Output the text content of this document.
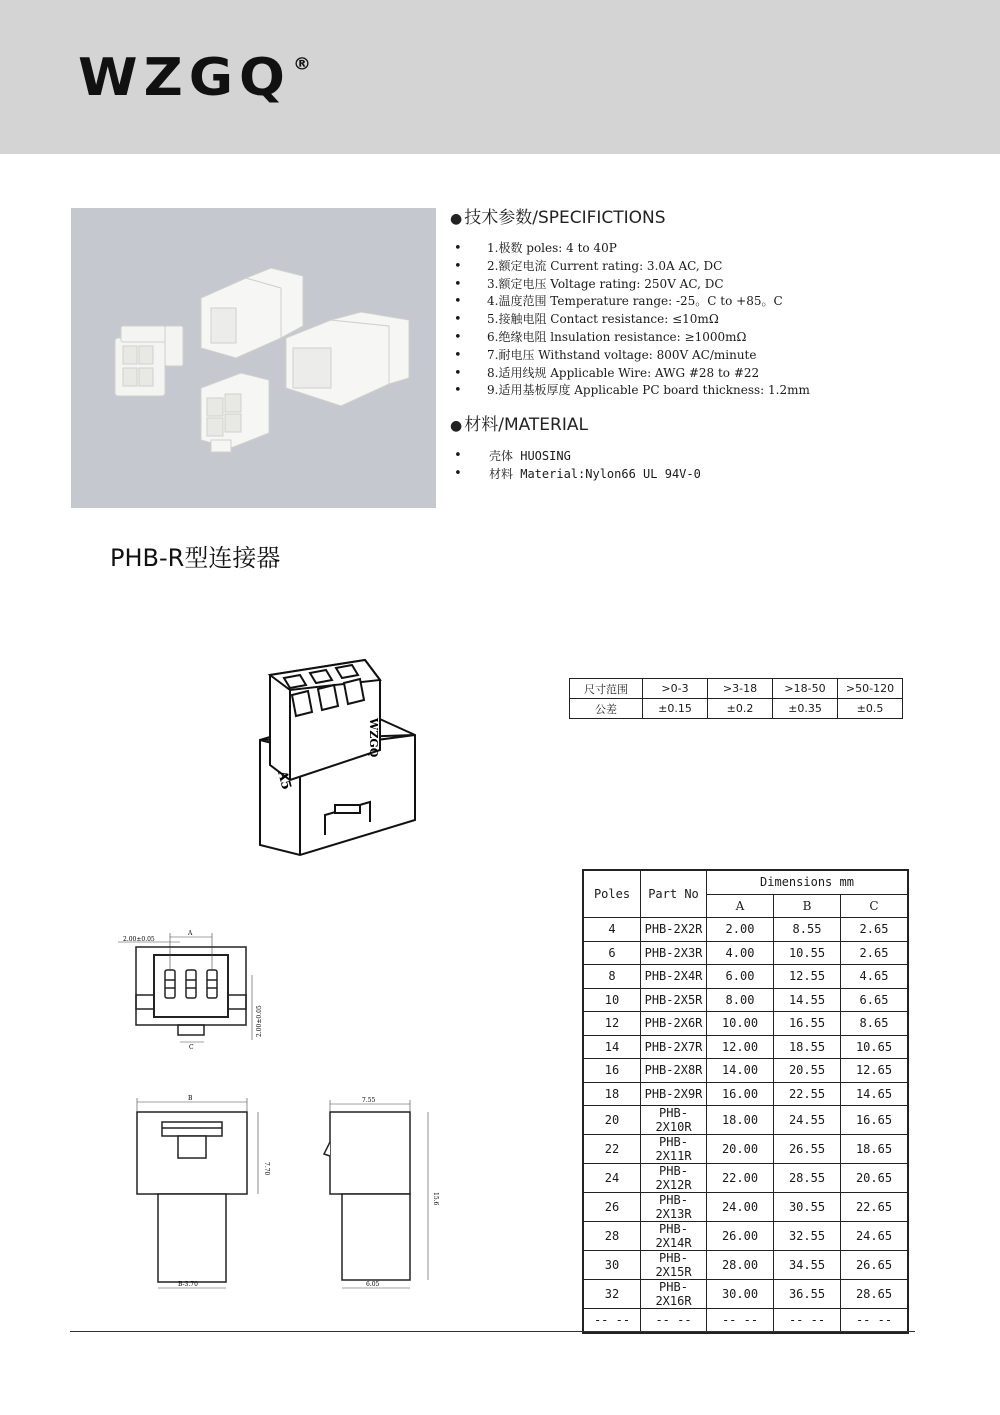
WZGQ ®
● 技术参数/SPECIFICTIONS
• 1.极数 poles: 4 to 40P
• 2.额定电流 Current rating: 3.0A AC, DC
• 3.额定电压 Voltage rating: 250V AC, DC
• 4.温度范围 Temperature range: -25。C to +85。C
• 5.接触电阻 Contact resistance: ≤10mΩ
• 6.绝缘电阻 lnsulation resistance: ≥1000mΩ
• 7.耐电压 Withstand voltage: 800V AC/minute
• 8.适用线规 Applicable Wire: AWG #28 to #22
• 9.适用基板厚度 Applicable PC board thickness: 1.2mm
● 材料/MATERIAL
• 壳体 HUOSING
• 材料 Material:Nylon66 UL 94V-0
PHB-R型连接器
A5
WZGQ
2.00±0.05
A
C
2.00±0.05
B
7.70
B-3.70
7.55
15.6
6.05
尺寸范围	>0-3	>3-18	>18-50	>50-120
公差	±0.15	±0.2	±0.35	±0.5
Poles	Part No	Dimensions mm		
		A	B	C
4	PHB-2X2R	2.00	8.55	2.65
6	PHB-2X3R	4.00	10.55	2.65
8	PHB-2X4R	6.00	12.55	4.65
10	PHB-2X5R	8.00	14.55	6.65
12	PHB-2X6R	10.00	16.55	8.65
14	PHB-2X7R	12.00	18.55	10.65
16	PHB-2X8R	14.00	20.55	12.65
18	PHB-2X9R	16.00	22.55	14.65
20	PHB-2X10R	18.00	24.55	16.65
22	PHB-2X11R	20.00	26.55	18.65
24	PHB-2X12R	22.00	28.55	20.65
26	PHB-2X13R	24.00	30.55	22.65
28	PHB-2X14R	26.00	32.55	24.65
30	PHB-2X15R	28.00	34.55	26.65
32	PHB-2X16R	30.00	36.55	28.65
-- --	-- --	-- --	-- --	-- --
